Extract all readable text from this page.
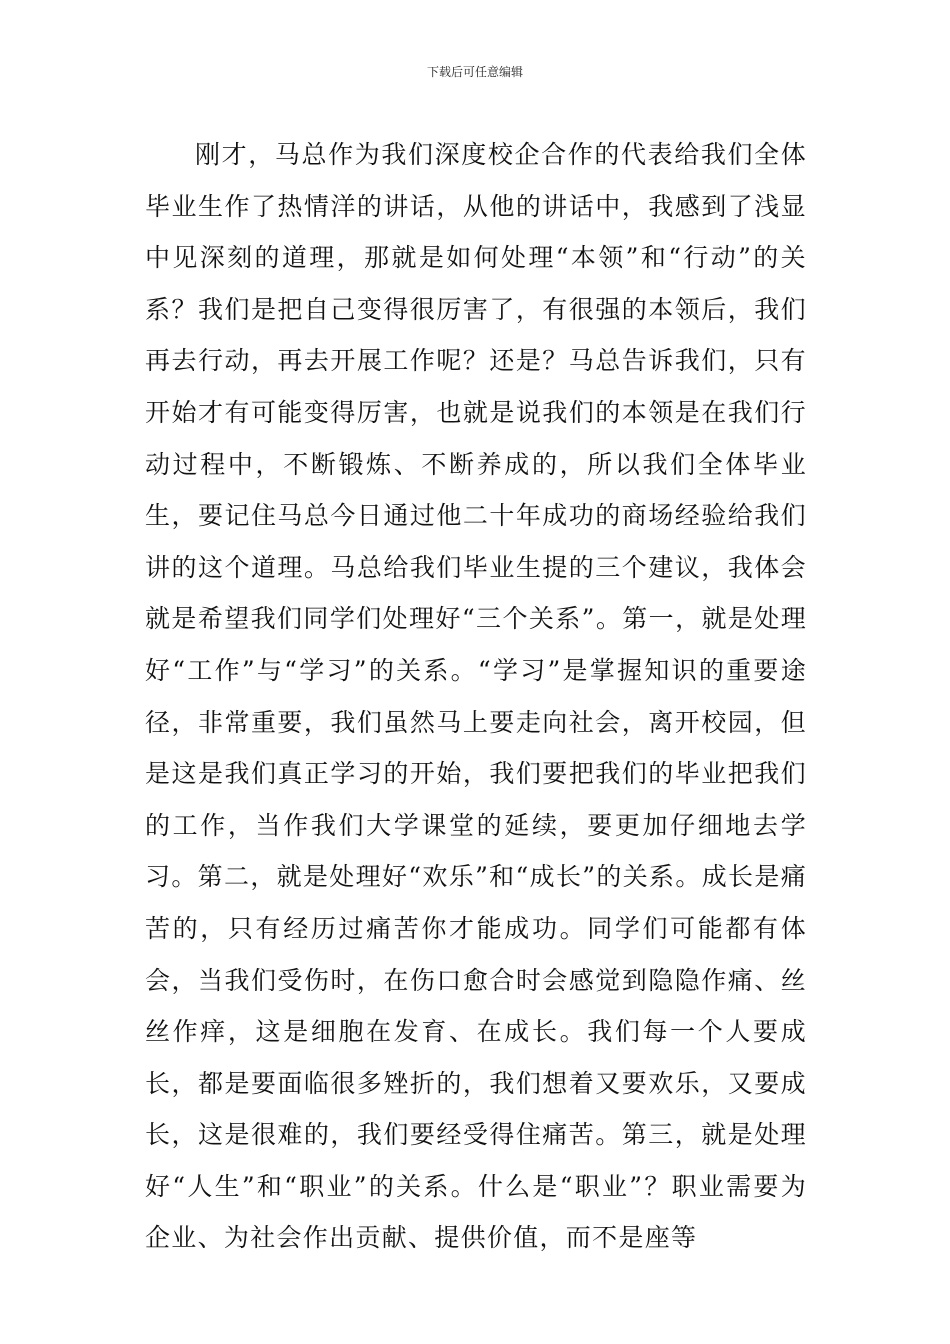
下载后可任意编辑

刚才，马总作为我们深度校企合作的代表给我们全体毕业生作了热情洋的讲话，从他的讲话中，我感到了浅显中见深刻的道理，那就是如何处理“本领”和“行动”的关系？我们是把自己变得很厉害了，有很强的本领后，我们再去行动，再去开展工作呢？还是？马总告诉我们，只有开始才有可能变得厉害，也就是说我们的本领是在我们行动过程中，不断锻炼、不断养成的，所以我们全体毕业生，要记住马总今日通过他二十年成功的商场经验给我们讲的这个道理。马总给我们毕业生提的三个建议，我体会就是希望我们同学们处理好“三个关系”。第一，就是处理好“工作”与“学习”的关系。“学习”是掌握知识的重要途径，非常重要，我们虽然马上要走向社会，离开校园，但是这是我们真正学习的开始，我们要把我们的毕业把我们的工作，当作我们大学课堂的延续，要更加仔细地去学习。第二，就是处理好“欢乐”和“成长”的关系。成长是痛苦的，只有经历过痛苦你才能成功。同学们可能都有体会，当我们受伤时，在伤口愈合时会感觉到隐隐作痛、丝丝作痒，这是细胞在发育、在成长。我们每一个人要成长，都是要面临很多矬折的，我们想着又要欢乐，又要成长，这是很难的，我们要经受得住痛苦。第三，就是处理好“人生”和“职业”的关系。什么是“职业”？职业需要为企业、为社会作出贡献、提供价值，而不是座等
